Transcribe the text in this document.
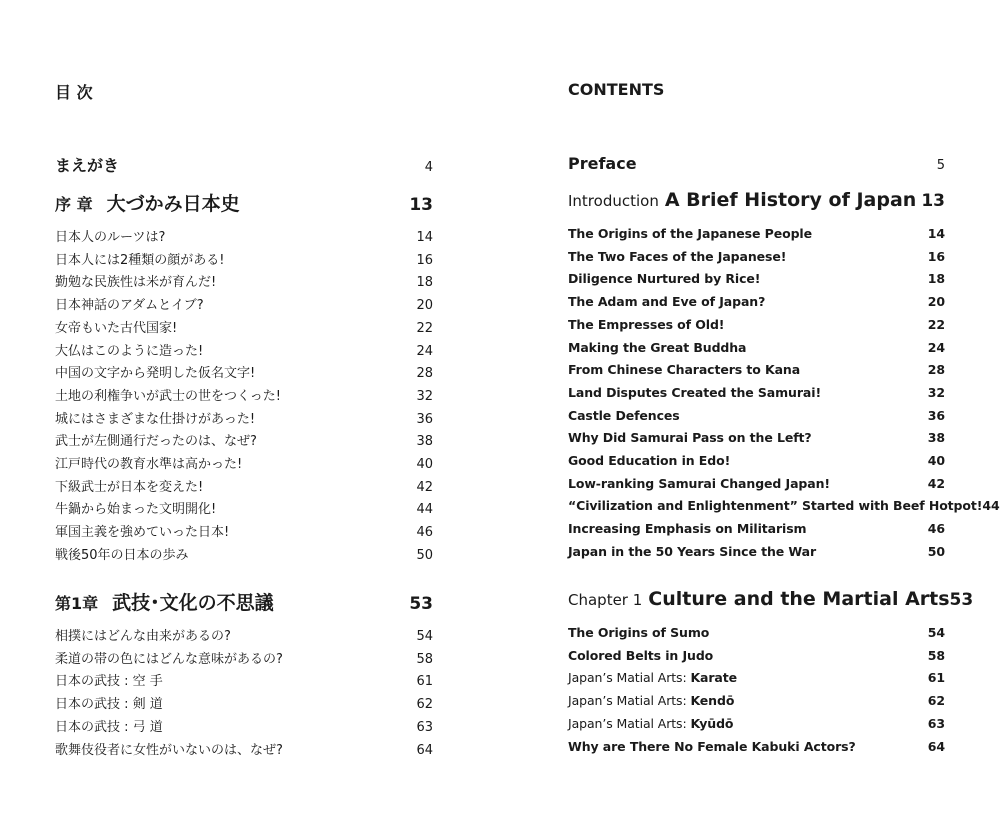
目 次
まえがき	4
序 章 大づかみ日本史	13
日本人のルーツは?	14
日本人には2種類の顔がある!	16
勤勉な民族性は米が育んだ!	18
日本神話のアダムとイブ?	20
女帝もいた古代国家!	22
大仏はこのように造った!	24
中国の文字から発明した仮名文字!	28
土地の利権争いが武士の世をつくった!	32
城にはさまざまな仕掛けがあった!	36
武士が左側通行だったのは、なぜ?	38
江戸時代の教育水準は高かった!	40
下級武士が日本を変えた!	42
牛鍋から始まった文明開化!	44
軍国主義を強めていった日本!	46
戦後50年の日本の歩み	50
第1章 武技･文化の不思議	53
相撲にはどんな由来があるの?	54
柔道の帯の色にはどんな意味があるの?	58
日本の武技 : 空 手	61
日本の武技 : 剣 道	62
日本の武技 : 弓 道	63
歌舞伎役者に女性がいないのは、なぜ?	64
CONTENTS
Preface	5
Introduction A Brief History of Japan 13
The Origins of the Japanese People	14
The Two Faces of the Japanese!	16
Diligence Nurtured by Rice!	18
The Adam and Eve of Japan?	20
The Empresses of Old!	22
Making the Great Buddha	24
From Chinese Characters to Kana	28
Land Disputes Created the Samurai!	32
Castle Defences	36
Why Did Samurai Pass on the Left?	38
Good Education in Edo!	40
Low-ranking Samurai Changed Japan!	42
“Civilization and Enlightenment” Started with Beef Hotpot! 44
Increasing Emphasis on Militarism	46
Japan in the 50 Years Since the War	50
Chapter 1 Culture and the Martial Arts 53
The Origins of Sumo	54
Colored Belts in Judo	58
Japan’s Matial Arts: Karate	61
Japan’s Matial Arts: Kendō	62
Japan’s Matial Arts: Kyūdō	63
Why are There No Female Kabuki Actors?	64
